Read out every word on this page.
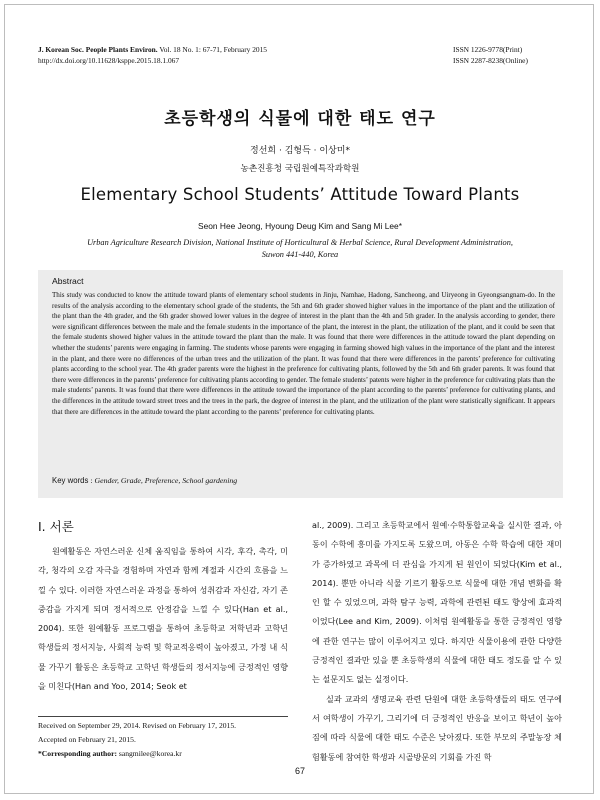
J. Korean Soc. People Plants Environ. Vol. 18 No. 1: 67-71, February 2015
http://dx.doi.org/10.11628/ksppe.2015.18.1.067
ISSN 1226-9778(Print)
ISSN 2287-8238(Online)
초등학생의 식물에 대한 태도 연구
정선희 · 김형득 · 이상미*
농촌진흥청 국립원예특작과학원
Elementary School Students’ Attitude Toward Plants
Seon Hee Jeong, Hyoung Deug Kim and Sang Mi Lee*
Urban Agriculture Research Division, National Institute of Horticultural & Herbal Science, Rural Development Administration,
Suwon 441-440, Korea
Abstract

This study was conducted to know the attitude toward plants of elementary school students in Jinju, Namhae, Hadong, Sancheong, and Uiryeong in Gyeongsangnam-do. In the results of the analysis according to the elementary school grade of the students, the 5th and 6th grader showed higher values in the importance of the plant and the utilization of the plant than the 4th grader, and the 6th grader showed lower values in the degree of interest in the plant than the 4th and 5th grader. In the analysis according to gender, there were significant differences between the male and the female students in the importance of the plant, the interest in the plant, the utilization of the plant, and it could be seen that the female students showed higher values in the attitude toward the plant than the male. It was found that there were differences in the attitude toward the plant depending on whether the students’ parents were engaging in farming. The students whose parents were engaging in farming showed high values in the importance of the plant and the interest in the plant, and there were no differences of the urban trees and the utilization of the plant. It was found that there were differences in the parents’ preference for cultivating plants according to the school year. The 4th grader parents were the highest in the preference for cultivating plants, followed by the 5th and 6th grader parents. It was found that there were differences in the parents’ preference for cultivating plants according to gender. The female students’ patents were higher in the preference for cultivating plats than the male students’ parents. It was found that there were differences in the attitude toward the importance of the plant according to the parents’ preference for cultivating plants, and the differences in the attitude toward street trees and the trees in the park, the degree of interest in the plant, and the utilization of the plant were statistically significant. It appears that there are differences in the attitude toward the plant according to the parents’ preference for cultivating plants.

Key words : Gender, Grade, Preference, School gardening
Ⅰ. 서론

원예활동은 자연스러운 신체 움직임을 통하여 시각, 후각, 촉각, 미각, 청각의 오감 자극을 경험하며 자연과 함께 계절과 시간의 흐름을 느낄 수 있다. 이러한 자연스러운 과정을 통하여 성취감과 자신감, 자기 존중감을 가지게 되며 정서적으로 안정감을 느낄 수 있다(Han et al., 2004). 또한 원예활동 프로그램을 통하여 초등학교 저학년과 고학년 학생들의 정서지능, 사회적 능력 및 학교적응력이 높아졌고, 가정 내 식물 가꾸기 활동은 초등학교 고학년 학생들의 정서지능에 긍정적인 영향을 미친다(Han and Yoo, 2014; Seok et

al., 2009). 그리고 초등학교에서 원예·수학통합교육을 실시한 결과, 아동이 수학에 흥미를 가지도록 도왔으며, 아동은 수학 학습에 대한 재미가 증가하였고 과목에 더 관심을 가지게 된 원인이 되었다(Kim et al., 2014). 뿐만 아니라 식물 기르기 활동으로 식물에 대한 개념 변화를 확인 할 수 있었으며, 과학 탐구 능력, 과학에 관련된 태도 향상에 효과적이었다(Lee and Kim, 2009). 이처럼 원예활동을 통한 긍정적인 영향에 관한 연구는 많이 이루어지고 있다. 하지만 식물이용에 관한 다양한 긍정적인 결과만 있을 뿐 초등학생의 식물에 대한 태도 정도를 알 수 있는 설문지도 없는 실정이다.

실과 교과의 생명교육 관련 단원에 대한 초등학생들의 태도 연구에서 여학생이 가꾸기, 그리기에 더 긍정적인 반응을 보이고 학년이 높아짐에 따라 식물에 대한 태도 수준은 낮아졌다. 또한 부모의 주말농장 체험활동에 참여한 학생과 시골방문의 기회를 가진 학

Received on September 29, 2014. Revised on February 17, 2015.
Accepted on February 21, 2015.
*Corresponding author: sangmilee@korea.kr
67
